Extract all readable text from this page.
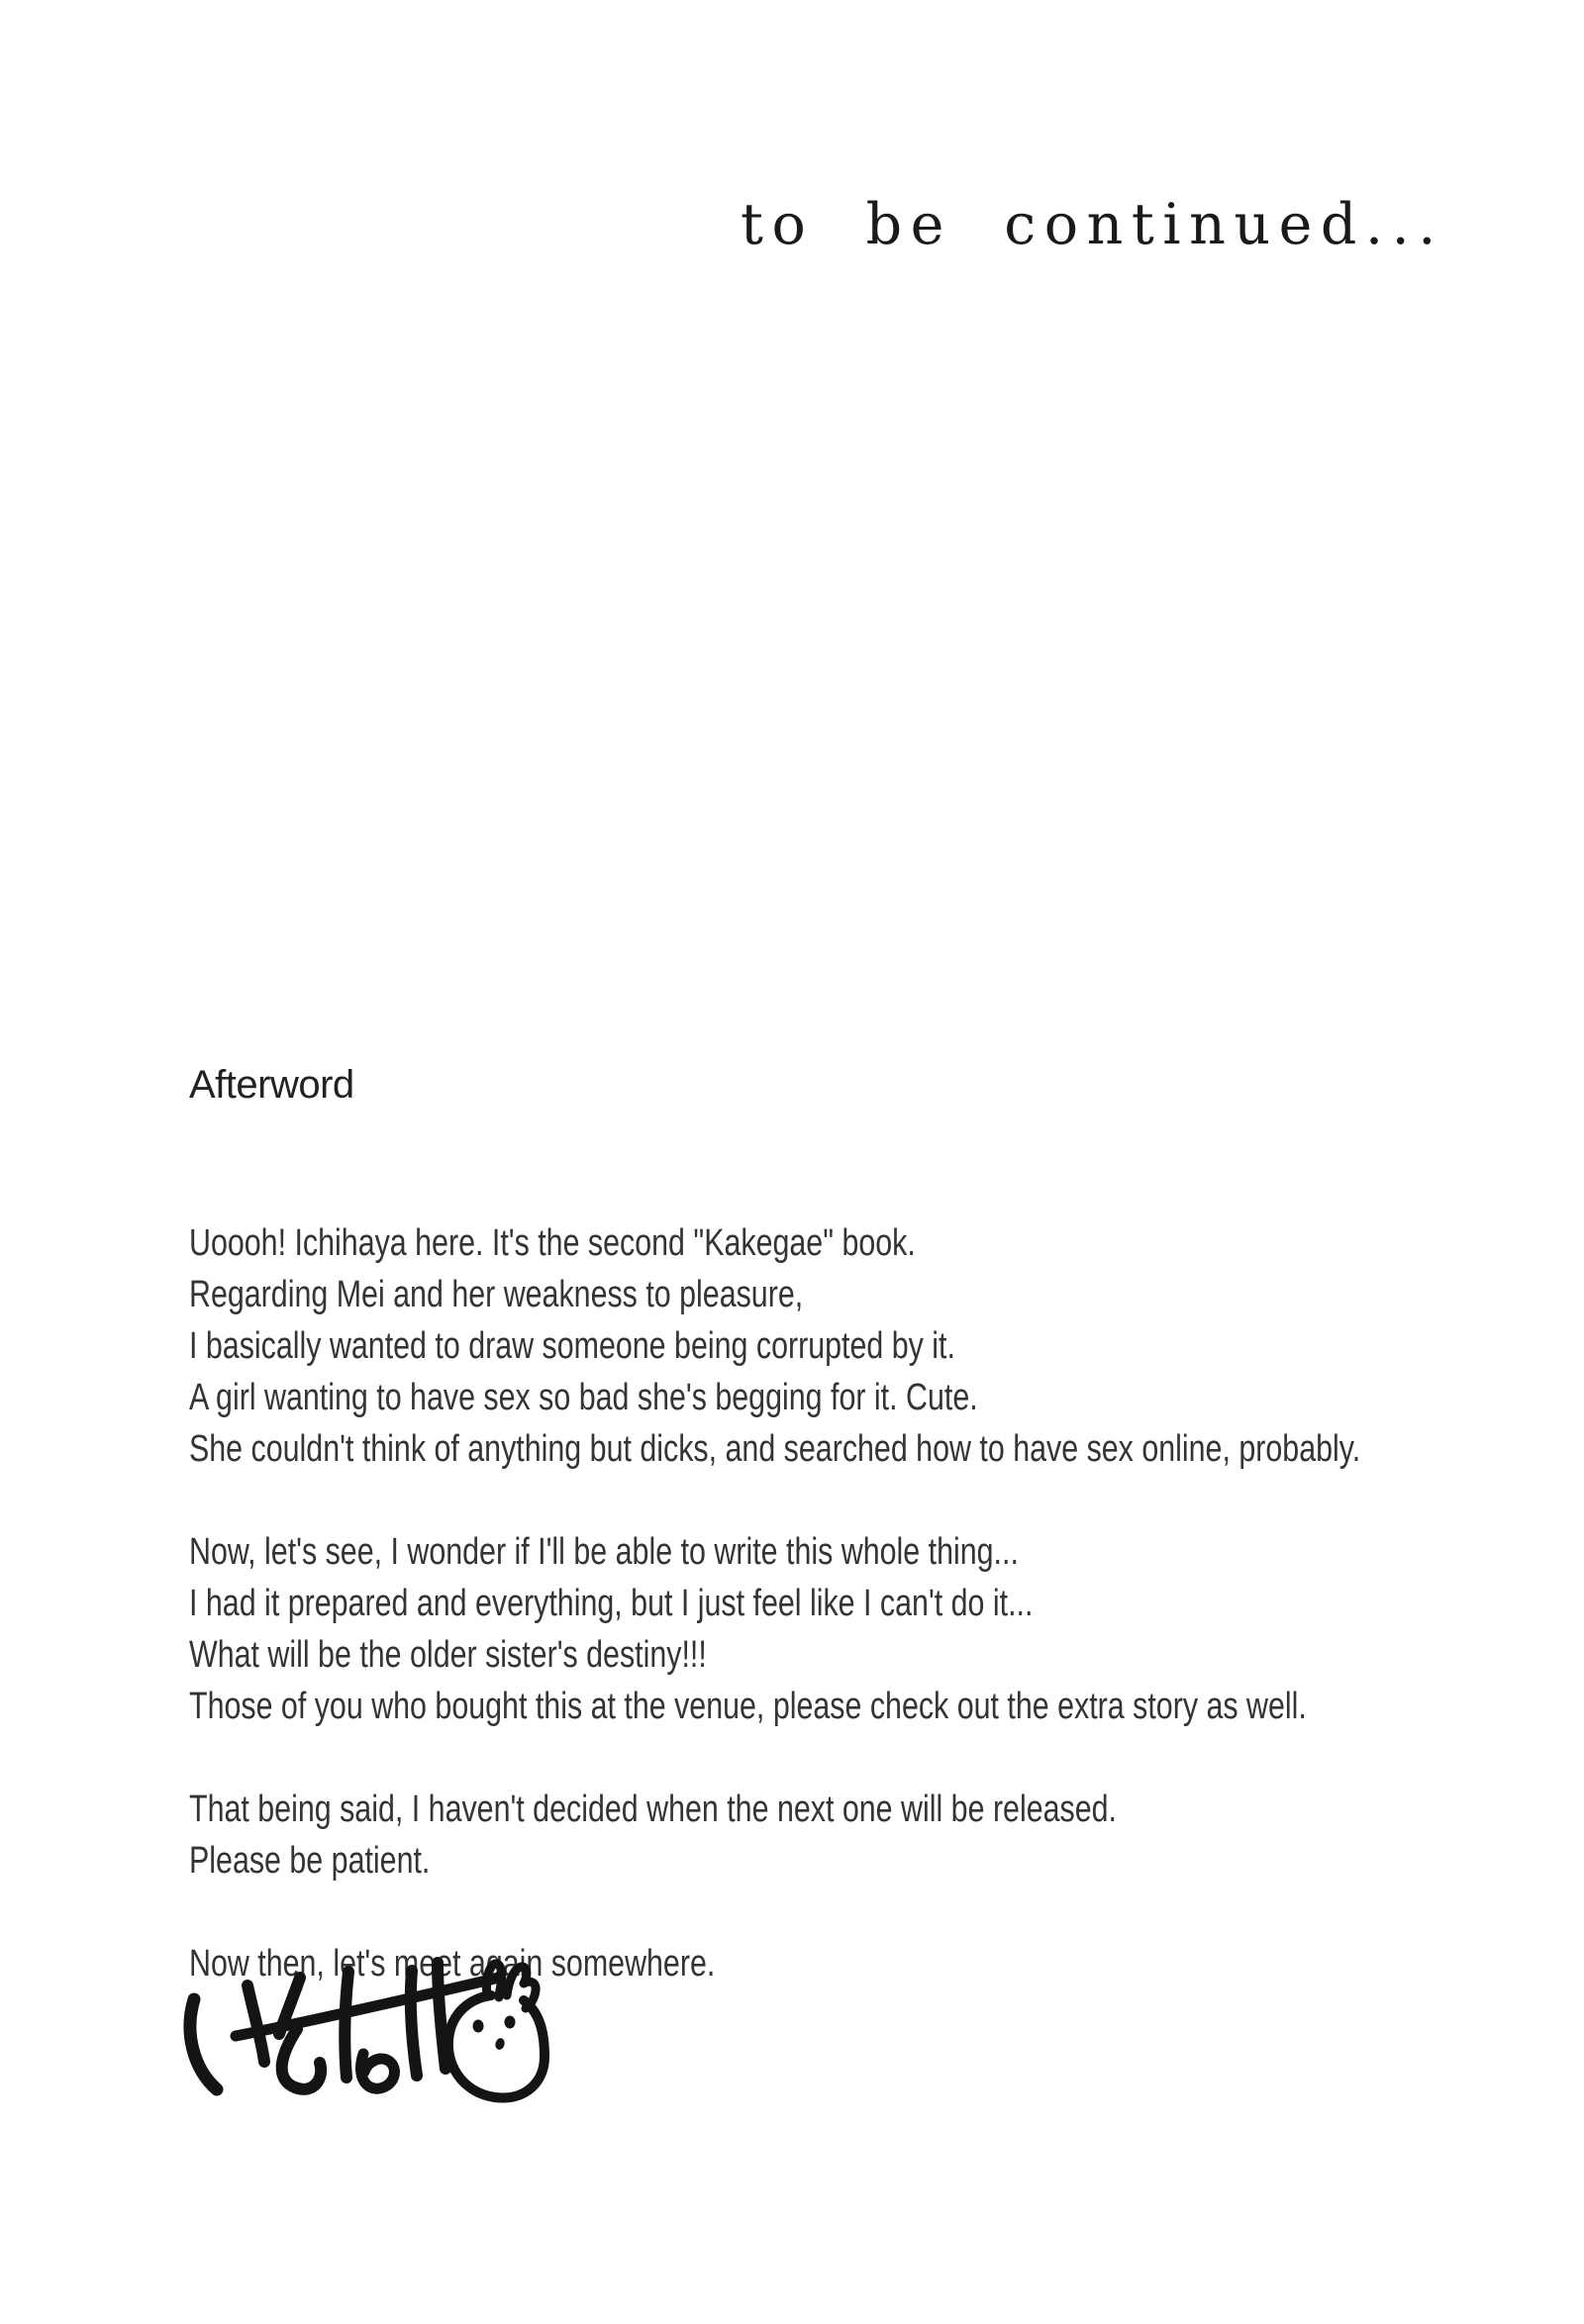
to be continued...
Afterword

Uoooh! Ichihaya here. It's the second "Kakegae" book.
Regarding Mei and her weakness to pleasure,
I basically wanted to draw someone being corrupted by it.
A girl wanting to have sex so bad she's begging for it. Cute.
She couldn't think of anything but dicks, and searched how to have sex online, probably.

Now, let's see, I wonder if I'll be able to write this whole thing...
I had it prepared and everything, but I just feel like I can't do it...
What will be the older sister's destiny!!!
Those of you who bought this at the venue, please check out the extra story as well.

That being said, I haven't decided when the next one will be released.
Please be patient.

Now then, let's meet again somewhere.
